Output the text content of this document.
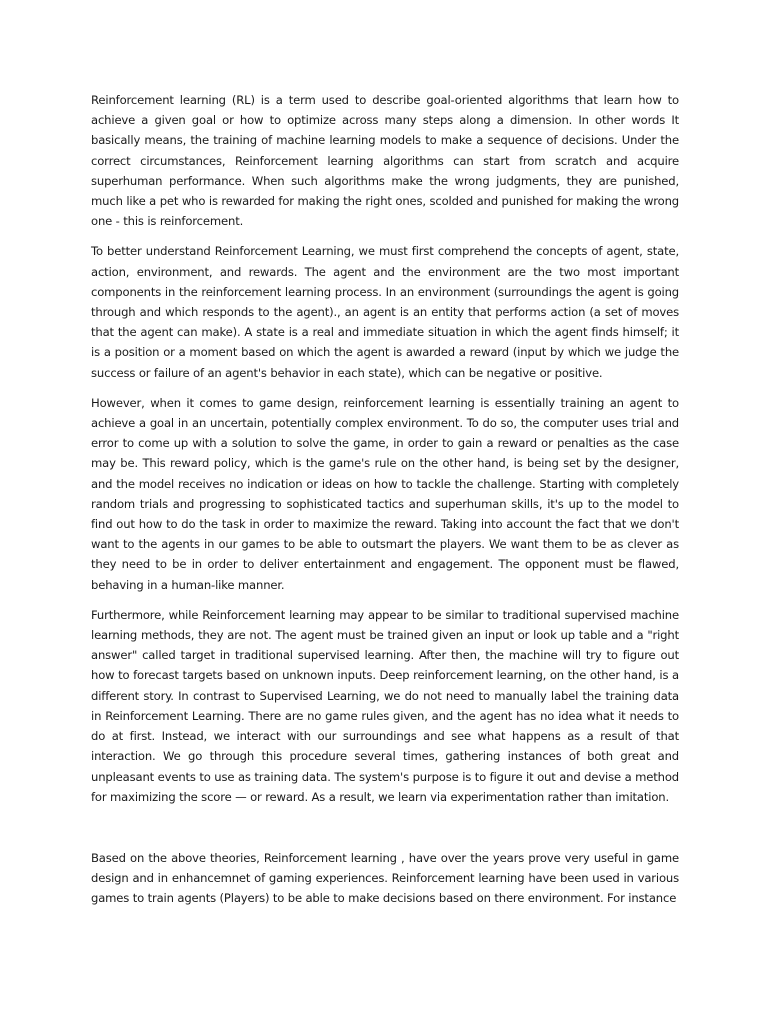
Reinforcement learning (RL) is a term used to describe goal-oriented algorithms that learn how to achieve a given goal or how to optimize across many steps along a dimension. In other words It basically means, the training of machine learning models to make a sequence of decisions. Under the correct circumstances, Reinforcement learning algorithms can start from scratch and acquire superhuman performance. When such algorithms make the wrong judgments, they are punished, much like a pet who is rewarded for making the right ones, scolded and punished for making the wrong one - this is reinforcement.

To better understand Reinforcement Learning, we must first comprehend the concepts of agent, state, action, environment, and rewards. The agent and the environment are the two most important components in the reinforcement learning process. In an environment (surroundings the agent is going through and which responds to the agent)., an agent is an entity that performs action (a set of moves that the agent can make). A state is a real and immediate situation in which the agent finds himself; it is a position or a moment based on which the agent is awarded a reward (input by which we judge the success or failure of an agent's behavior in each state), which can be negative or positive.

However, when it comes to game design, reinforcement learning is essentially training an agent to achieve a goal in an uncertain, potentially complex environment. To do so, the computer uses trial and error to come up with a solution to solve the game, in order to gain a reward or penalties as the case may be. This reward policy, which is the game's rule on the other hand, is being set by the designer, and the model receives no indication or ideas on how to tackle the challenge. Starting with completely random trials and progressing to sophisticated tactics and superhuman skills, it's up to the model to find out how to do the task in order to maximize the reward. Taking into account the fact that we don't want to the agents in our games to be able to outsmart the players. We want them to be as clever as they need to be in order to deliver entertainment and engagement. The opponent must be flawed, behaving in a human-like manner.

Furthermore, while Reinforcement learning may appear to be similar to traditional supervised machine learning methods, they are not. The agent must be trained given an input or look up table and a "right answer" called target in traditional supervised learning. After then, the machine will try to figure out how to forecast targets based on unknown inputs. Deep reinforcement learning, on the other hand, is a different story. In contrast to Supervised Learning, we do not need to manually label the training data in Reinforcement Learning. There are no game rules given, and the agent has no idea what it needs to do at first. Instead, we interact with our surroundings and see what happens as a result of that interaction. We go through this procedure several times, gathering instances of both great and unpleasant events to use as training data. The system's purpose is to figure it out and devise a method for maximizing the score — or reward. As a result, we learn via experimentation rather than imitation.

Based on the above theories, Reinforcement learning , have over the years prove very useful in game design and in enhancemnet of gaming experiences. Reinforcement learning have been used in various games to train agents (Players) to be able to make decisions based on there environment. For instance
